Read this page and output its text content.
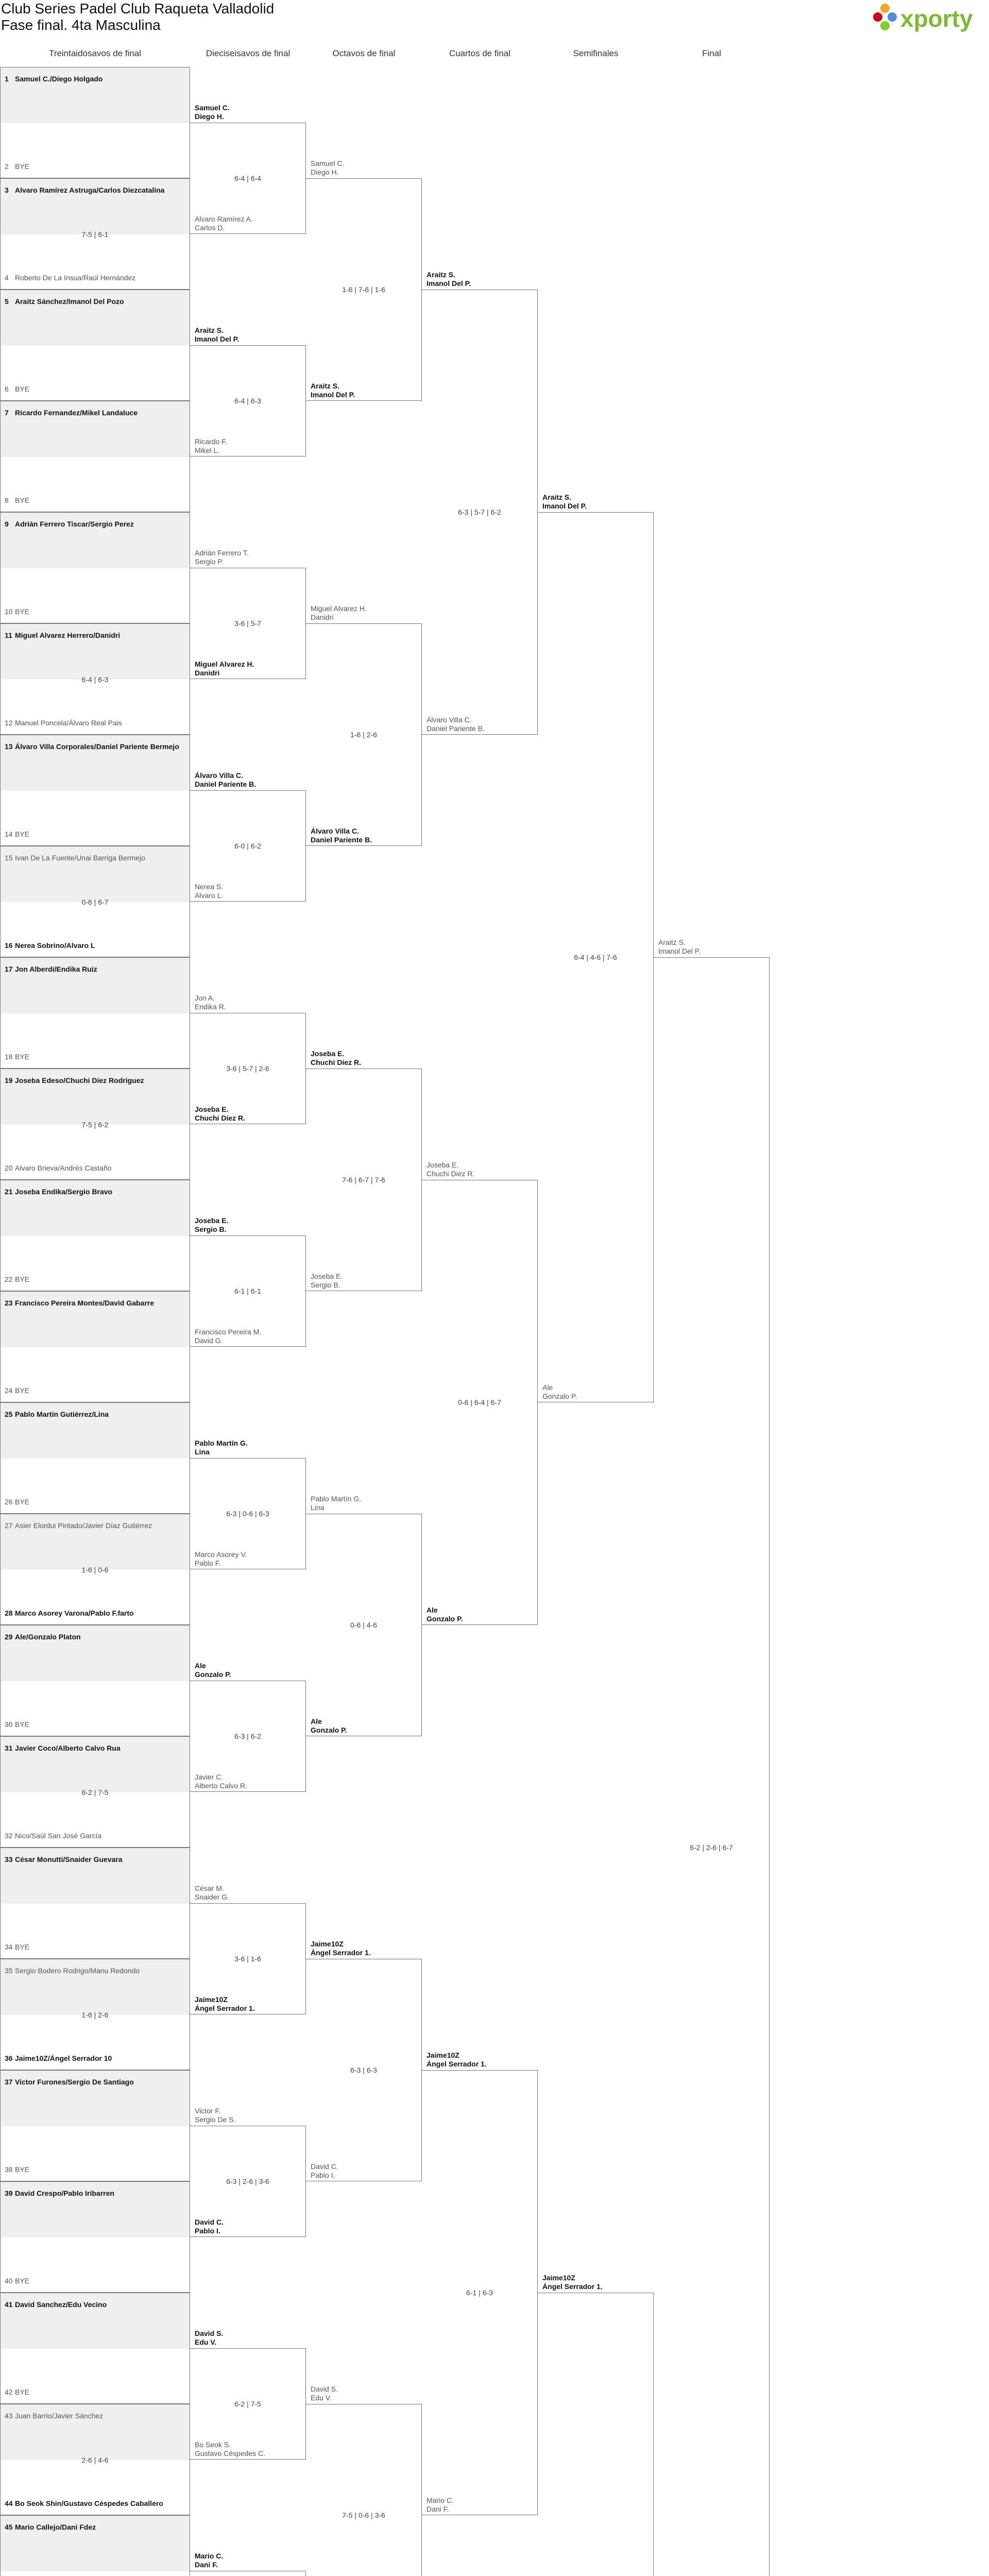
Club Series Padel Club Raqueta Valladolid
Fase final. 4ta Masculina	xporty
Treintaidosavos de final	Dieciseisavos de final	Octavos de final	Cuartos de final	Semifinales	Final
1 Samuel C./Diego Holgado
2 BYE
3 Alvaro Ramírez Astruga/Carlos Diezcatalina
4 Roberto De La Insua/Raúl Hernández
7-5 | 6-1
5 Araitz Sánchez/Imanol Del Pozo
6 BYE
7 Ricardo Fernandez/Mikel Landaluce
8 BYE
9 Adrián Ferrero Tiscar/Sergio Perez
10 BYE
11 Miguel Alvarez Herrero/Danidri
12 Manuel Poncela/Álvaro Real Pais
6-4 | 6-3
13 Álvaro Villa Corporales/Daniel Pariente Bermejo
14 BYE
15 Ivan De La Fuente/Unai Barriga Bermejo
16 Nerea Sobrino/Alvaro L
0-6 | 6-7
17 Jon Alberdi/Endika Ruiz
18 BYE
19 Joseba Edeso/Chuchi Diez Rodriguez
20 Alvaro Brieva/Andrés Castaño
7-5 | 6-2
21 Joseba Endika/Sergio Bravo
22 BYE
23 Francisco Pereira Montes/David Gabarre
24 BYE
25 Pablo Martín Gutiérrez/Lina
26 BYE
27 Asier Elordui Pintado/Javier Díaz Gutiérrez
28 Marco Asorey Varona/Pablo F.farto
1-6 | 0-6
29 Ale/Gonzalo Platon
30 BYE
31 Javier Coco/Alberto Calvo Rua
32 Nico/Saúl San José García
6-2 | 7-5
33 César Monutti/Snaider Guevara
34 BYE
35 Sergio Bodero Rodrigo/Manu Redondo
36 Jaime10Z/Ángel Serrador 10
1-6 | 2-6
37 Victor Furones/Sergio De Santiago
38 BYE
39 David Crespo/Pablo Iribarren
40 BYE
41 David Sanchez/Edu Vecino
42 BYE
43 Juan Barrio/Javier Sánchez
44 Bo Seok Shin/Gustavo Céspedes Caballero
2-6 | 4-6
45 Mario Callejo/Dani Fdez
Samuel C.
Diego H.
Alvaro Ramírez A.
Carlos D.
6-4 | 6-4
Araitz S.
Imanol Del P.
Ricardo F.
Mikel L.
6-4 | 6-3
Adrián Ferrero T.
Sergio P.
Miguel Alvarez H.
Danidri
3-6 | 5-7
Álvaro Villa C.
Daniel Pariente B.
Nerea S.
Alvaro L.
6-0 | 6-2
Jon A.
Endika R.
Joseba E.
Chuchi Diez R.
3-6 | 5-7 | 2-6
Joseba E.
Sergio B.
Francisco Pereira M.
David G.
6-1 | 6-1
Pablo Martín G.
Lina
Marco Asorey V.
Pablo F.
6-3 | 0-6 | 6-3
Ale
Gonzalo P.
Javier C.
Alberto Calvo R.
6-3 | 6-2
César M.
Snaider G.
Jaime10Z
Ángel Serrador 1.
3-6 | 1-6
Victor F.
Sergio De S.
David C.
Pablo I.
6-3 | 2-6 | 3-6
David S.
Edu V.
Bo Seok S.
Gustavo Céspedes C.
6-2 | 7-5
Mario C.
Dani F.
Samuel C.
Diego H.
Araitz S.
Imanol Del P.
1-6 | 7-6 | 1-6
Miguel Alvarez H.
Danidri
Álvaro Villa C.
Daniel Pariente B.
1-6 | 2-6
Joseba E.
Chuchi Diez R.
Joseba E.
Sergio B.
7-6 | 6-7 | 7-6
Pablo Martín G.
Lina
Ale
Gonzalo P.
0-6 | 4-6
Jaime10Z
Ángel Serrador 1.
David C.
Pablo I.
6-3 | 6-3
David S.
Edu V.
7-5 | 0-6 | 3-6
Araitz S.
Imanol Del P.
Álvaro Villa C.
Daniel Pariente B.
6-3 | 5-7 | 6-2
Joseba E.
Chuchi Diez R.
Ale
Gonzalo P.
0-6 | 6-4 | 6-7
Jaime10Z
Ángel Serrador 1.
Mario C.
Dani F.
6-1 | 6-3
Araitz S.
Imanol Del P.
Ale
Gonzalo P.
6-4 | 4-6 | 7-6
Jaime10Z
Ángel Serrador 1.
Araitz S.
Imanol Del P.
6-2 | 2-6 | 6-7
